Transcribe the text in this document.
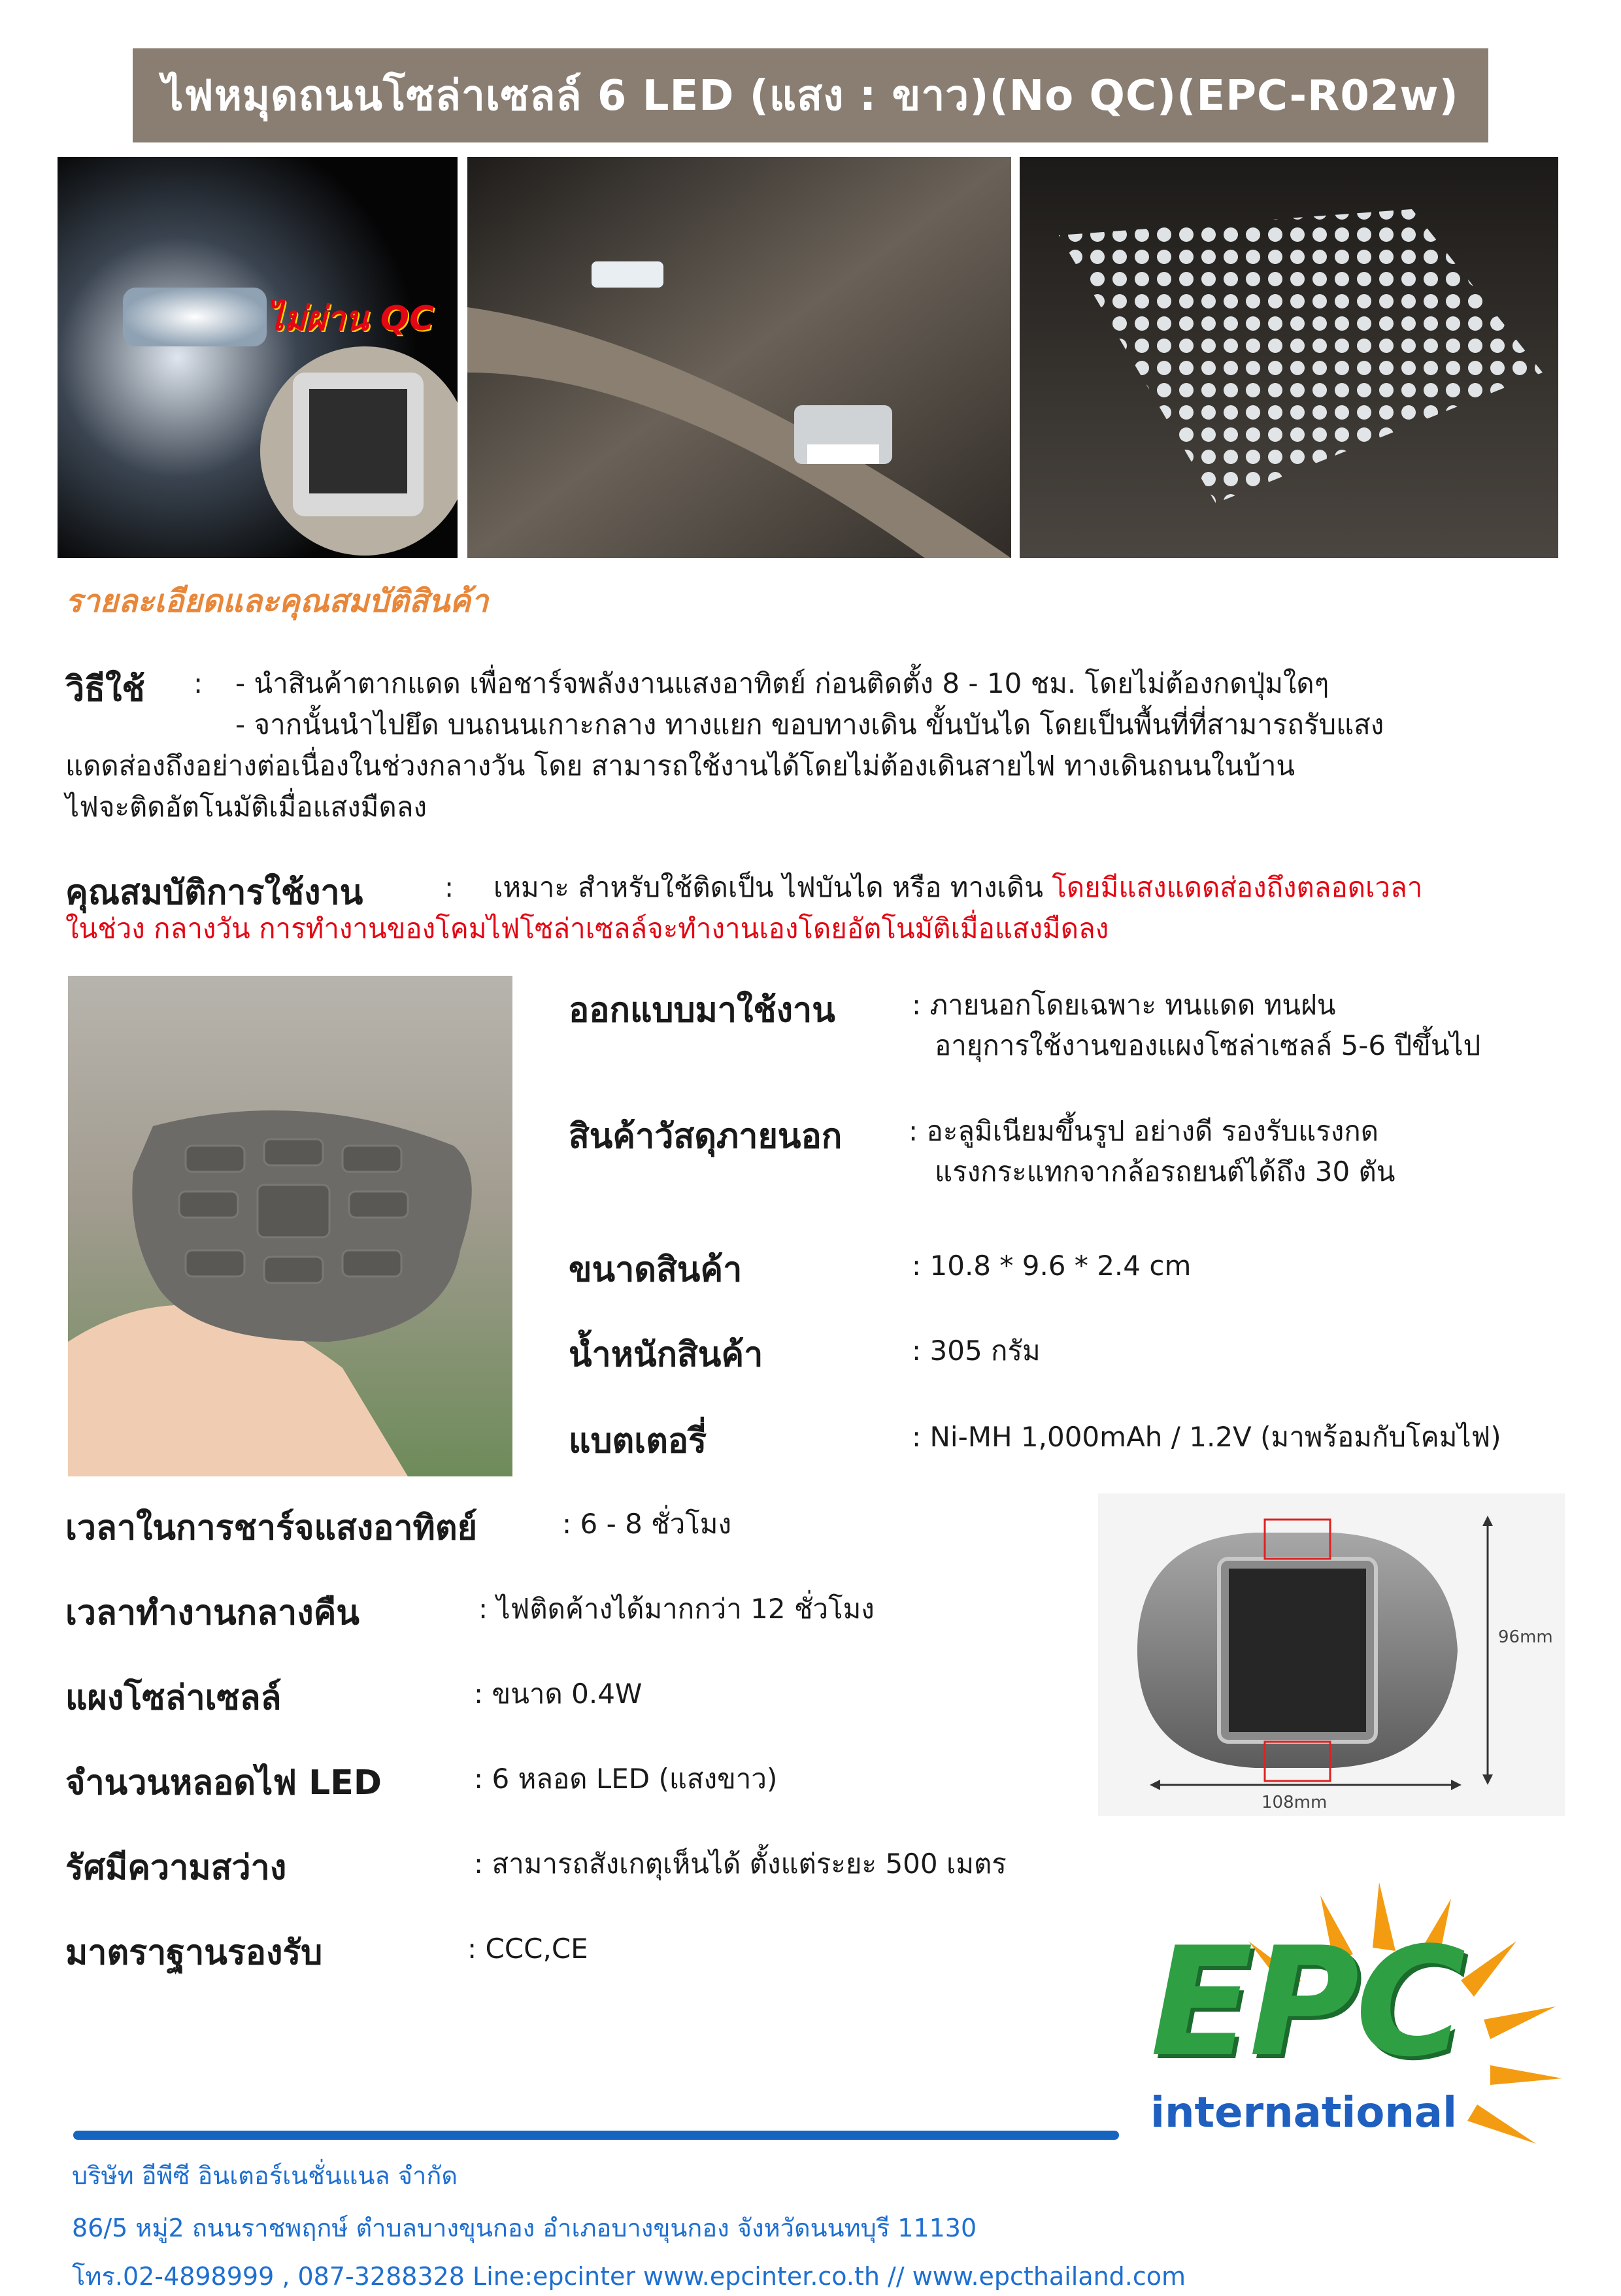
ไฟหมุดถนนโซล่าเซลล์ 6 LED (แสง : ขาว)(No QC)(EPC-R02w)
ไม่ผ่าน QC
รายละเอียดและคุณสมบัติสินค้า
วิธีใช้ : - นำสินค้าตากแดด เพื่อชาร์จพลังงานแสงอาทิตย์ ก่อนติดตั้ง 8 - 10 ชม. โดยไม่ต้องกดปุ่มใดๆ
- จากนั้นนำไปยึด บนถนนเกาะกลาง ทางแยก ขอบทางเดิน ขั้นบันได โดยเป็นพื้นที่ที่สามารถรับแสง
แดดส่องถึงอย่างต่อเนื่องในช่วงกลางวัน โดย สามารถใช้งานได้โดยไม่ต้องเดินสายไฟ ทางเดินถนนในบ้าน
ไฟจะติดอัตโนมัติเมื่อแสงมืดลง
คุณสมบัติการใช้งาน	: เหมาะ สำหรับใช้ติดเป็น ไฟบันได หรือ ทางเดิน โดยมีแสงแดดส่องถึงตลอดเวลา
ในช่วง กลางวัน การทำงานของโคมไฟโซล่าเซลล์จะทำงานเองโดยอัตโนมัติเมื่อแสงมืดลง
ออกแบบมาใช้งาน	: ภายนอกโดยเฉพาะ ทนแดด ทนฝน
อายุการใช้งานของแผงโซล่าเซลล์ 5-6 ปีขึ้นไป
สินค้าวัสดุภายนอก : อะลูมิเนียมขึ้นรูป อย่างดี รองรับแรงกด
แรงกระแทกจากล้อรถยนต์ได้ถึง 30 ตัน
ขนาดสินค้า	: 10.8 * 9.6 * 2.4 cm
น้ำหนักสินค้า	: 305 กรัม
แบตเตอรี่	: Ni-MH 1,000mAh / 1.2V (มาพร้อมกับโคมไฟ)
เวลาในการชาร์จแสงอาทิตย์	: 6 - 8 ชั่วโมง
เวลาทำงานกลางคืน	: ไฟติดค้างได้มากกว่า 12 ชั่วโมง
แผงโซล่าเซลล์	: ขนาด 0.4W
จำนวนหลอดไฟ LED	: 6 หลอด LED (แสงขาว)
รัศมีความสว่าง	: สามารถสังเกตุเห็นได้ ตั้งแต่ระยะ 500 เมตร
มาตราฐานรองรับ	: CCC,CE
96mm
108mm
EPC
international
บริษัท อีพีซี อินเตอร์เนชั่นแนล จำกัด
86/5 หมู่2 ถนนราชพฤกษ์ ตำบลบางขุนกอง อำเภอบางขุนกอง จังหวัดนนทบุรี 11130
โทร.02-4898999 , 087-3288328 Line:epcinter www.epcinter.co.th // www.epcthailand.com
